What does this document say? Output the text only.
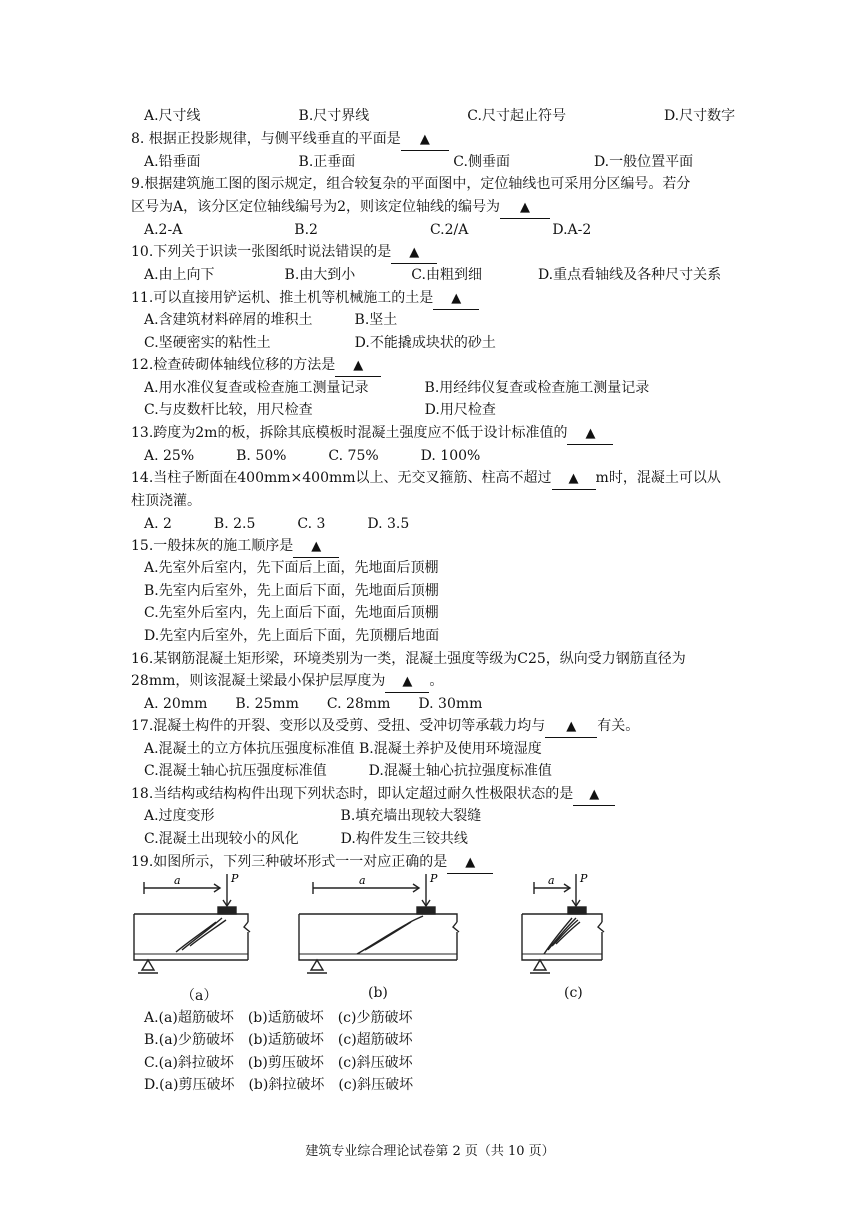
A.尺寸线　　　　　　　B.尺寸界线　　　　　　　C.尺寸起止符号　　　　　　　D.尺寸数字
8. 根据正投影规律，与侧平线垂直的平面是 ▲
A.铅垂面　　　　　　　B.正垂面　　　　　　　C.侧垂面　　　　　　D.一般位置平面
9.根据建筑施工图的图示规定，组合较复杂的平面图中，定位轴线也可采用分区编号。若分
区号为A，该分区定位轴线编号为2，则该定位轴线的编号为 ▲
A.2-A　　　　　　　　B.2　　　　　　　　C.2/A　　　　　　D.A-2
10.下列关于识读一张图纸时说法错误的是 ▲
A.由上向下　　　　　B.由大到小　　　　C.由粗到细　　　　D.重点看轴线及各种尺寸关系
11.可以直接用铲运机、推土机等机械施工的土是 ▲
A.含建筑材料碎屑的堆积土　　　B.坚土
C.坚硬密实的粘性土　　　　　　D.不能撬成块状的砂土
12.检查砖砌体轴线位移的方法是 ▲
A.用水准仪复查或检查施工测量记录　　　　B.用经纬仪复查或检查施工测量记录
C.与皮数杆比较，用尺检查　　　　　　　　D.用尺检查
13.跨度为2m的板，拆除其底模板时混凝土强度应不低于设计标准值的 ▲
A. 25%　　　B. 50%　　　C. 75%　　　D. 100%
14.当柱子断面在400mm×400mm以上、无交叉箍筋、柱高不超过 ▲ m时，混凝土可以从
柱顶浇灌。
A. 2　　　B. 2.5　　　C. 3　　　D. 3.5
15.一般抹灰的施工顺序是 ▲
A.先室外后室内，先下面后上面，先地面后顶棚
B.先室内后室外，先上面后下面，先地面后顶棚
C.先室外后室内，先上面后下面，先地面后顶棚
D.先室内后室外，先上面后下面，先顶棚后地面
16.某钢筋混凝土矩形梁，环境类别为一类，混凝土强度等级为C25，纵向受力钢筋直径为
28mm，则该混凝土梁最小保护层厚度为 ▲ 。
A. 20mm　　B. 25mm　　C. 28mm　　D. 30mm
17.混凝土构件的开裂、变形以及受剪、受扭、受冲切等承载力均与 ▲ 有关。
A.混凝土的立方体抗压强度标准值 B.混凝土养护及使用环境湿度
C.混凝土轴心抗压强度标准值　　　D.混凝土轴心抗拉强度标准值
18.当结构或结构构件出现下列状态时，即认定超过耐久性极限状态的是 ▲
A.过度变形　　　　　　　　　B.填充墙出现较大裂缝
C.混凝土出现较小的风化　　　D.构件发生三铰共线
19.如图所示，下列三种破坏形式一一对应正确的是 ▲
a	P	a	P	a P
（a）	(b)	(c)
A.(a)超筋破坏　(b)适筋破坏　(c)少筋破坏
B.(a)少筋破坏　(b)适筋破坏　(c)超筋破坏
C.(a)斜拉破坏　(b)剪压破坏　(c)斜压破坏
D.(a)剪压破坏　(b)斜拉破坏　(c)斜压破坏
建筑专业综合理论试卷第 2 页（共 10 页）
